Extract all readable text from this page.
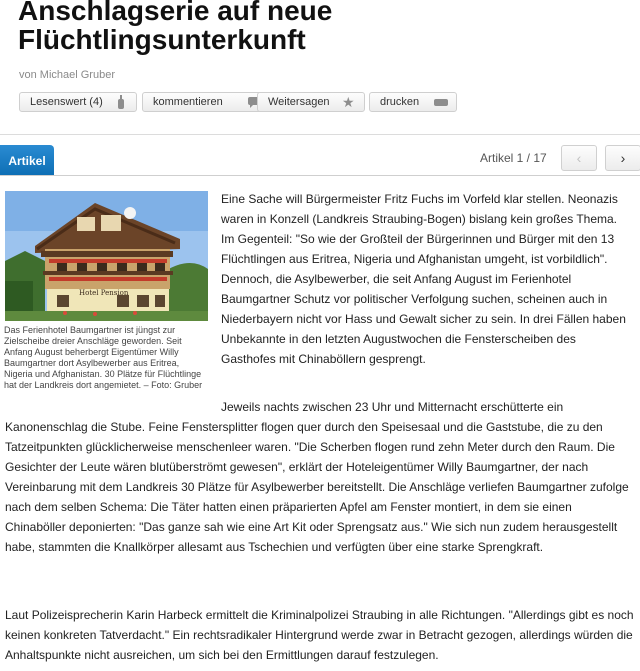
Anschlagserie auf neue Flüchtlingsunterkunft
von Michael Gruber
Lesenswert (4)	kommentieren	Weitersagen ★ drucken
Artikel	Artikel 1 / 17 ‹	›
Hotel Pension
Das Ferienhotel Baumgartner ist jüngst zur Zielscheibe dreier Anschläge geworden. Seit Anfang August beherbergt Eigentümer Willy Baumgartner dort Asylbewerber aus Eritrea, Nigeria und Afghanistan. 30 Plätze für Flüchtlinge hat der Landkreis dort angemietet. – Foto: Gruber

Eine Sache will Bürgermeister Fritz Fuchs im Vorfeld klar stellen. Neonazis waren in Konzell (Landkreis Straubing-Bogen) bislang kein großes Thema. Im Gegenteil: "So wie der Großteil der Bürgerinnen und Bürger mit den 13 Flüchtlingen aus Eritrea, Nigeria und Afghanistan umgeht, ist vorbildlich". Dennoch, die Asylbewerber, die seit Anfang August im Ferienhotel Baumgartner Schutz vor politischer Verfolgung suchen, scheinen auch in Niederbayern nicht vor Hass und Gewalt sicher zu sein. In drei Fällen haben Unbekannte in den letzten Augustwochen die Fensterscheiben des Gasthofes mit Chinaböllern gesprengt.

Jeweils nachts zwischen 23 Uhr und Mitternacht erschütterte ein Kanonenschlag die Stube. Feine Fenstersplitter flogen quer durch den Speisesaal und die Gaststube, die zu den Tatzeitpunkten glücklicherweise menschenleer waren. "Die Scherben flogen rund zehn Meter durch den Raum. Die Gesichter der Leute wären blutüberströmt gewesen", erklärt der Hoteleigentümer Willy Baumgartner, der nach Vereinbarung mit dem Landkreis 30 Plätze für Asylbewerber bereitstellt. Die Anschläge verliefen Baumgartner zufolge nach dem selben Schema: Die Täter hatten einen präparierten Apfel am Fenster montiert, in dem sie einen Chinaböller deponierten: "Das ganze sah wie eine Art Kit oder Sprengsatz aus." Wie sich nun zudem herausgestellt habe, stammten die Knallkörper allesamt aus Tschechien und verfügten über eine starke Sprengkraft.

Laut Polizeisprecherin Karin Harbeck ermittelt die Kriminalpolizei Straubing in alle Richtungen. "Allerdings gibt es noch keinen konkreten Tatverdacht." Ein rechtsradikaler Hintergrund werde zwar in Betracht gezogen, allerdings würden die Anhaltspunkte nicht ausreichen, um sich bei den Ermittlungen darauf festzulegen.
